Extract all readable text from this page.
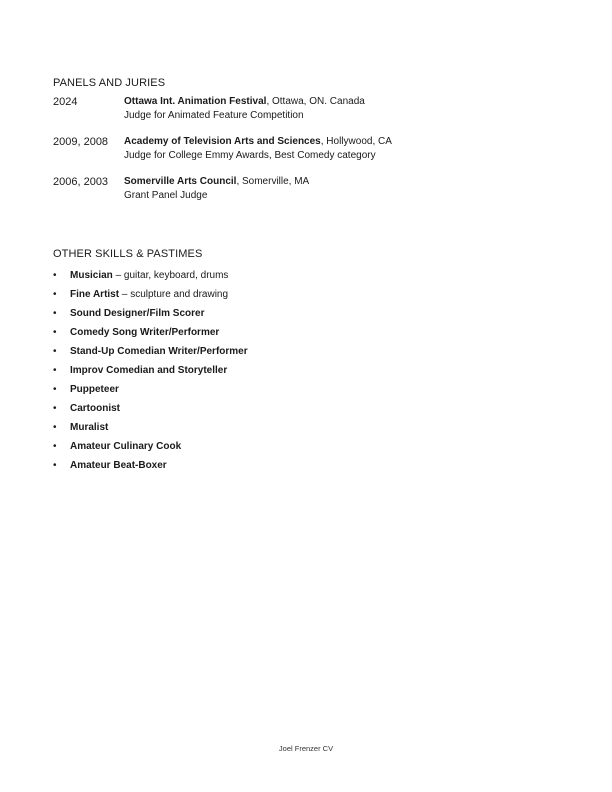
PANELS AND JURIES
2024	Ottawa Int. Animation Festival, Ottawa, ON. Canada
Judge for Animated Feature Competition
2009, 2008 Academy of Television Arts and Sciences, Hollywood, CA
Judge for College Emmy Awards, Best Comedy category
2006, 2003 Somerville Arts Council, Somerville, MA
Grant Panel Judge
OTHER SKILLS & PASTIMES
• Musician – guitar, keyboard, drums
• Fine Artist – sculpture and drawing
• Sound Designer/Film Scorer
• Comedy Song Writer/Performer
• Stand-Up Comedian Writer/Performer
• Improv Comedian and Storyteller
• Puppeteer
• Cartoonist
• Muralist
• Amateur Culinary Cook
• Amateur Beat-Boxer
Joel Frenzer CV
